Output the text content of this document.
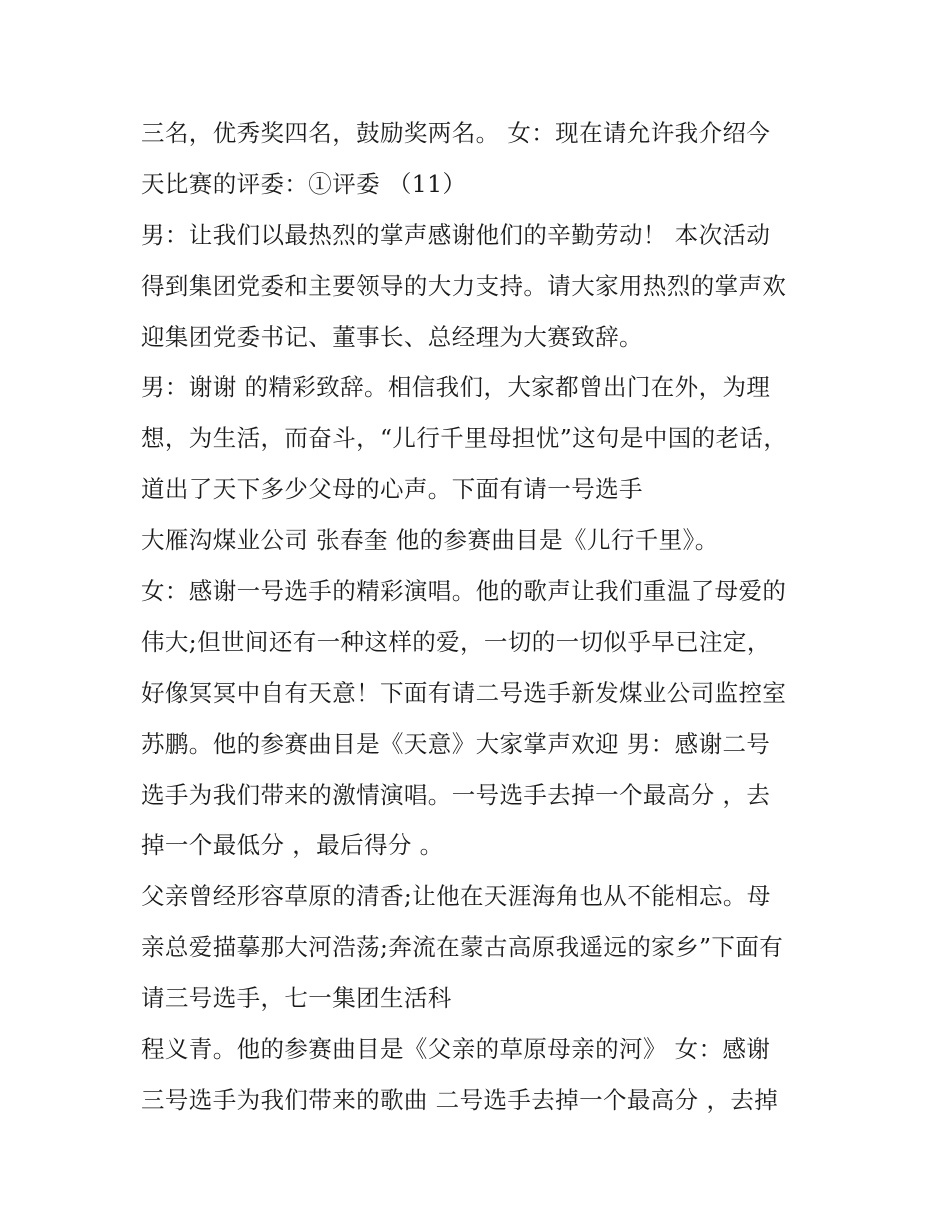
三名，优秀奖四名，鼓励奖两名。 女：现在请允许我介绍今
天比赛的评委：①评委 （11）
男：让我们以最热烈的掌声感谢他们的辛勤劳动！ 本次活动
得到集团党委和主要领导的大力支持。请大家用热烈的掌声欢
迎集团党委书记、董事长、总经理为大赛致辞。
男：谢谢 的精彩致辞。相信我们，大家都曾出门在外，为理
想，为生活，而奋斗，“儿行千里母担忧”这句是中国的老话，
道出了天下多少父母的心声。下面有请一号选手
大雁沟煤业公司 张春奎 他的参赛曲目是《儿行千里》。
女：感谢一号选手的精彩演唱。他的歌声让我们重温了母爱的
伟大;但世间还有一种这样的爱，一切的一切似乎早已注定，
好像冥冥中自有天意！下面有请二号选手新发煤业公司监控室
苏鹏。他的参赛曲目是《天意》大家掌声欢迎 男：感谢二号
选手为我们带来的激情演唱。一号选手去掉一个最高分 ，去
掉一个最低分 ，最后得分 。
父亲曾经形容草原的清香;让他在天涯海角也从不能相忘。母
亲总爱描摹那大河浩荡;奔流在蒙古高原我遥远的家乡”下面有
请三号选手，七一集团生活科
程义青。他的参赛曲目是《父亲的草原母亲的河》 女：感谢
三号选手为我们带来的歌曲 二号选手去掉一个最高分 ，去掉
